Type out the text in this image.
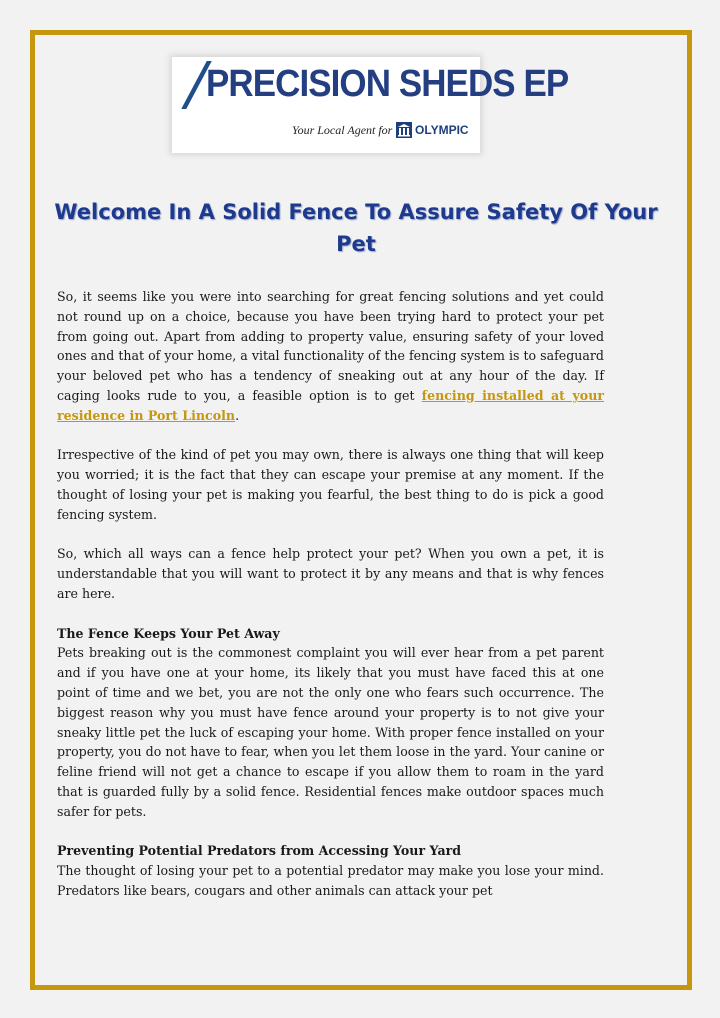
PRECISION SHEDS EP
Your Local Agent for OLYMPIC
Welcome In A Solid Fence To Assure Safety Of Your Pet

So, it seems like you were into searching for great fencing solutions and yet could not round up on a choice, because you have been trying hard to protect your pet from going out. Apart from adding to property value, ensuring safety of your loved ones and that of your home, a vital functionality of the fencing system is to safeguard your beloved pet who has a tendency of sneaking out at any hour of the day. If caging looks rude to you, a feasible option is to get fencing installed at your residence in Port Lincoln.

Irrespective of the kind of pet you may own, there is always one thing that will keep you worried; it is the fact that they can escape your premise at any moment. If the thought of losing your pet is making you fearful, the best thing to do is pick a good fencing system.

So, which all ways can a fence help protect your pet? When you own a pet, it is understandable that you will want to protect it by any means and that is why fences are here.

The Fence Keeps Your Pet Away

Pets breaking out is the commonest complaint you will ever hear from a pet parent and if you have one at your home, its likely that you must have faced this at one point of time and we bet, you are not the only one who fears such occurrence. The biggest reason why you must have fence around your property is to not give your sneaky little pet the luck of escaping your home. With proper fence installed on your property, you do not have to fear, when you let them loose in the yard. Your canine or feline friend will not get a chance to escape if you allow them to roam in the yard that is guarded fully by a solid fence. Residential fences make outdoor spaces much safer for pets.

Preventing Potential Predators from Accessing Your Yard

The thought of losing your pet to a potential predator may make you lose your mind. Predators like bears, cougars and other animals can attack your pet
